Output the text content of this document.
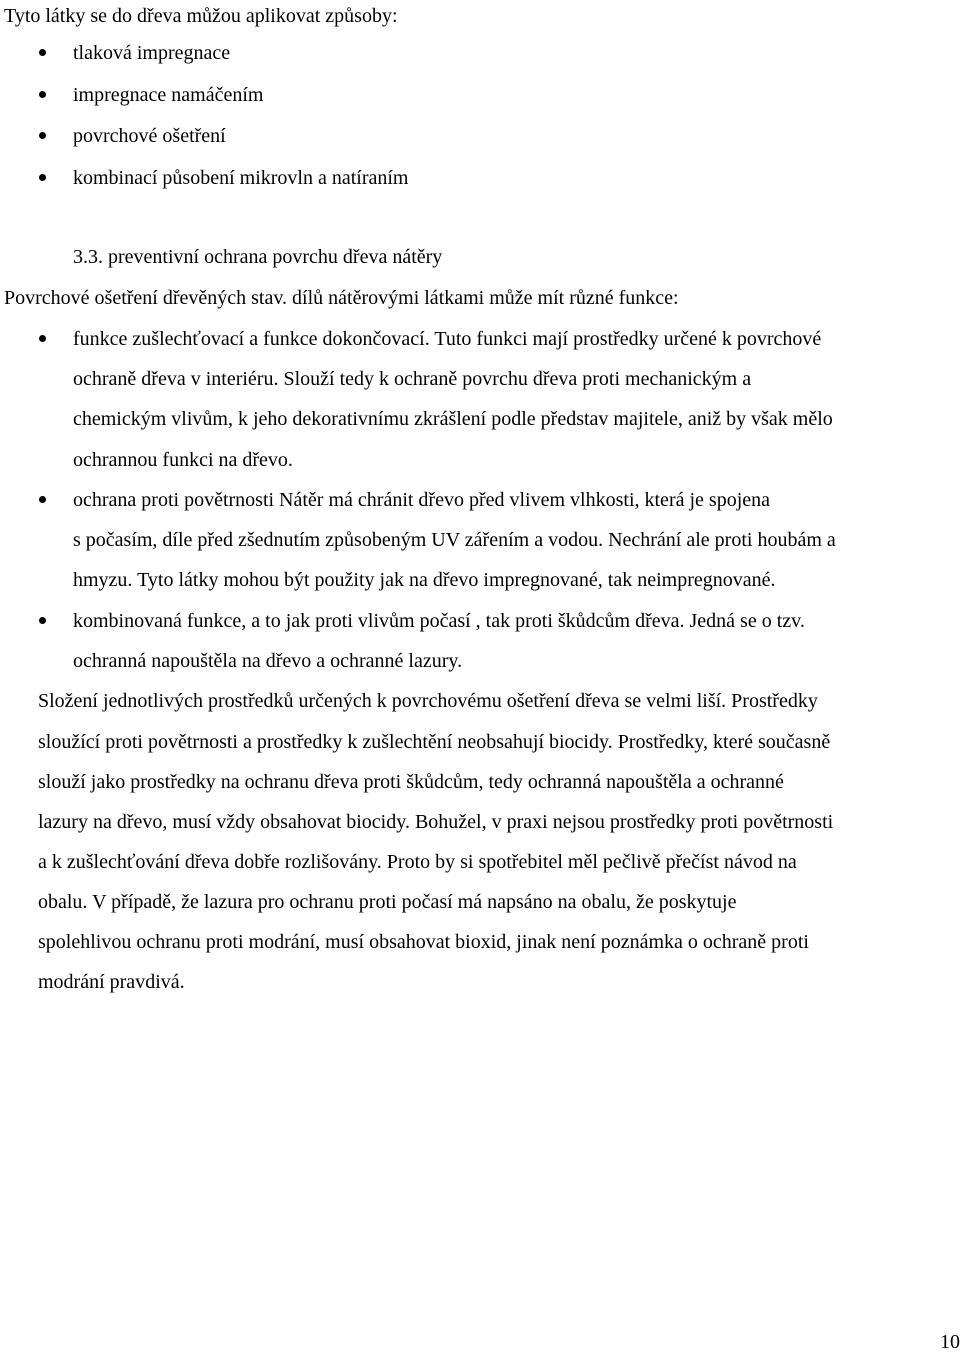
Tyto látky se do dřeva můžou aplikovat způsoby:

tlaková impregnace

impregnace namáčením

povrchové ošetření

kombinací působení mikrovln a natíraním

3.3. preventivní ochrana povrchu dřeva nátěry

Povrchové ošetření dřevěných stav. dílů nátěrovými látkami může mít různé funkce:

funkce zušlechťovací a funkce dokončovací. Tuto funkci mají prostředky určené k povrchové

ochraně dřeva v interiéru. Slouží tedy k ochraně povrchu dřeva proti mechanickým a

chemickým vlivům, k jeho dekorativnímu zkrášlení podle představ majitele, aniž by však mělo

ochrannou funkci na dřevo.

ochrana proti povětrnosti Nátěr má chránit dřevo před vlivem vlhkosti, která je spojena

s počasím, díle před zšednutím způsobeným UV zářením a vodou. Nechrání ale proti houbám a

hmyzu. Tyto látky mohou být použity jak na dřevo impregnované, tak neimpregnované.

kombinovaná funkce, a to jak proti vlivům počasí , tak proti škůdcům dřeva. Jedná se o tzv.

ochranná napouštěla na dřevo a ochranné lazury.

Složení jednotlivých prostředků určených k povrchovému ošetření dřeva se velmi liší. Prostředky

sloužící proti povětrnosti a prostředky k zušlechtění neobsahují biocidy. Prostředky, které současně

slouží jako prostředky na ochranu dřeva proti škůdcům, tedy ochranná napouštěla a ochranné

lazury na dřevo, musí vždy obsahovat biocidy. Bohužel, v praxi nejsou prostředky proti povětrnosti

a k zušlechťování dřeva dobře rozlišovány. Proto by si spotřebitel měl pečlivě přečíst návod na

obalu. V případě, že lazura pro ochranu proti počasí má napsáno na obalu, že poskytuje

spolehlivou ochranu proti modrání, musí obsahovat bioxid, jinak není poznámka o ochraně proti

modrání pravdivá.

10
